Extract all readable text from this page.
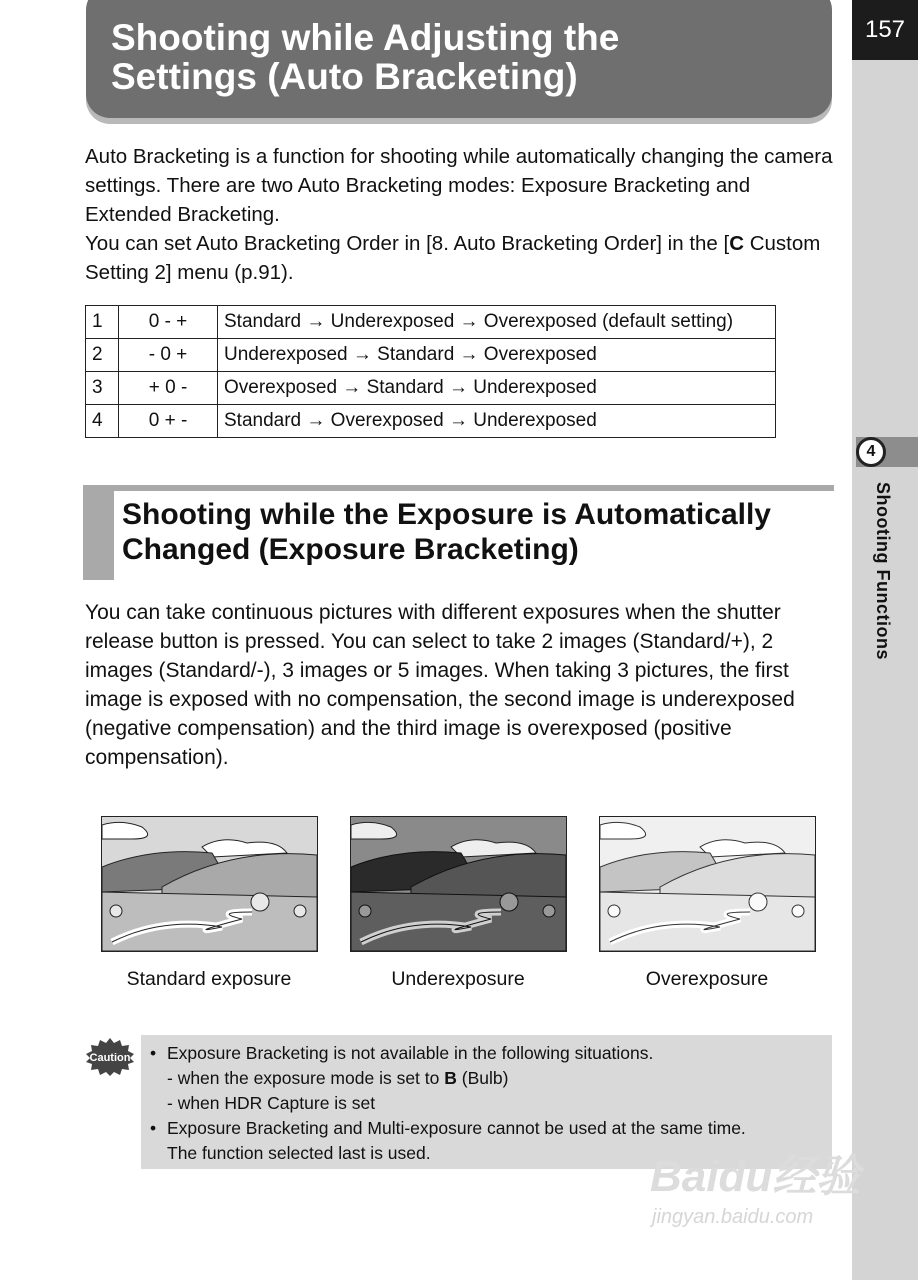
157
4
Shooting Functions
Shooting while Adjusting the
Settings (Auto Bracketing)
Auto Bracketing is a function for shooting while automatically changing the camera settings. There are two Auto Bracketing modes: Exposure Bracketing and Extended Bracketing.
You can set Auto Bracketing Order in [8. Auto Bracketing Order] in the [C Custom Setting 2] menu (p.91).
1	0 - +	Standard → Underexposed → Overexposed (default setting)
2	- 0 +	Underexposed → Standard → Overexposed
3	+ 0 -	Overexposed → Standard → Underexposed
4	0 + -	Standard → Overexposed → Underexposed
Shooting while the Exposure is Automatically
Changed (Exposure Bracketing)
You can take continuous pictures with different exposures when the shutter release button is pressed. You can select to take 2 images (Standard/+), 2 images (Standard/-), 3 images or 5 images. When taking 3 pictures, the first image is exposed with no compensation, the second image is underexposed (negative compensation) and the third image is overexposed (positive compensation).
Standard exposure	Underexposure	Overexposure
Caution • Exposure Bracketing is not available in the following situations.
- when the exposure mode is set to B (Bulb)
- when HDR Capture is set
• Exposure Bracketing and Multi-exposure cannot be used at the same time.
The function selected last is used.	Baidu经验
jingyan.baidu.com
